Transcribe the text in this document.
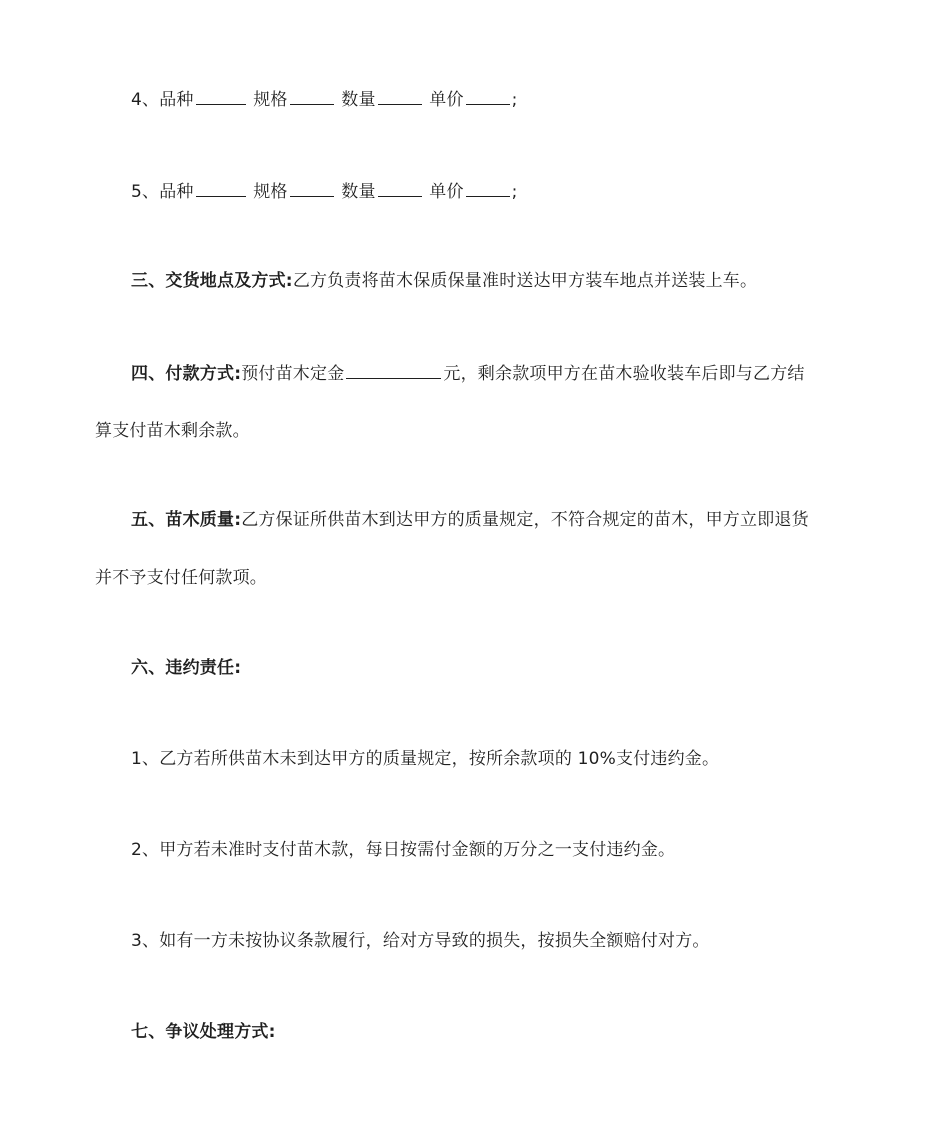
4、品种	规格	数量	单价	;
5、品种	规格	数量	单价	;
三、交货地点及方式:乙方负责将苗木保质保量准时送达甲方装车地点并送装上车。
四、付款方式:预付苗木定金	元，剩余款项甲方在苗木验收装车后即与乙方结
算支付苗木剩余款。
五、苗木质量:乙方保证所供苗木到达甲方的质量规定，不符合规定的苗木，甲方立即退货
并不予支付任何款项。
六、违约责任:
1、乙方若所供苗木未到达甲方的质量规定，按所余款项的 10%支付违约金。
2、甲方若未准时支付苗木款，每日按需付金额的万分之一支付违约金。
3、如有一方未按协议条款履行，给对方导致的损失，按损失全额赔付对方。
七、争议处理方式:
